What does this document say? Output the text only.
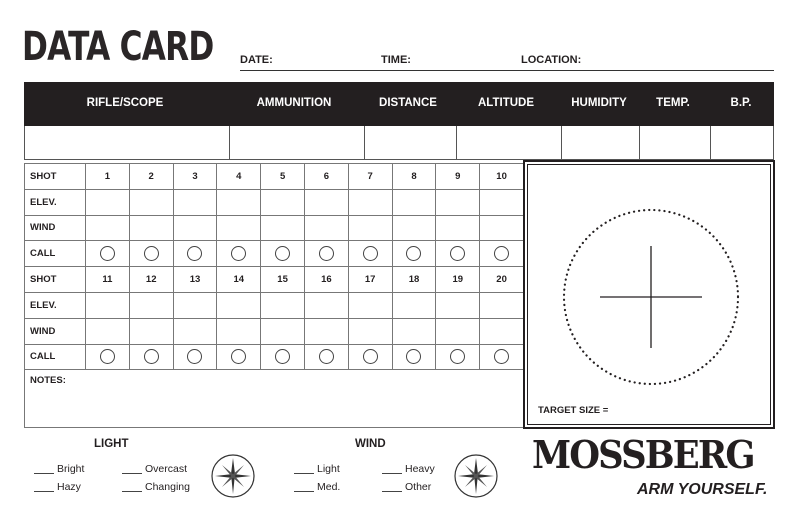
DATA CARD DATE:	TIME:	LOCATION:
RIFLE/SCOPE	AMMUNITION	DISTANCE	ALTITUDE	HUMIDITY	TEMP.	B.P.
SHOT	1	2	3	4	5	6	7	8	9	10
ELEV.										
WIND										
CALL										
SHOT	11	12	13	14	15	16	17	18	19	20
ELEV.										
WIND										
CALL										
NOTES:
TARGET SIZE =
LIGHT
Bright	Overcast
Hazy	Changing
WIND
Light	Heavy
Med.	Other
MOSSBERG
ARM YOURSELF.
